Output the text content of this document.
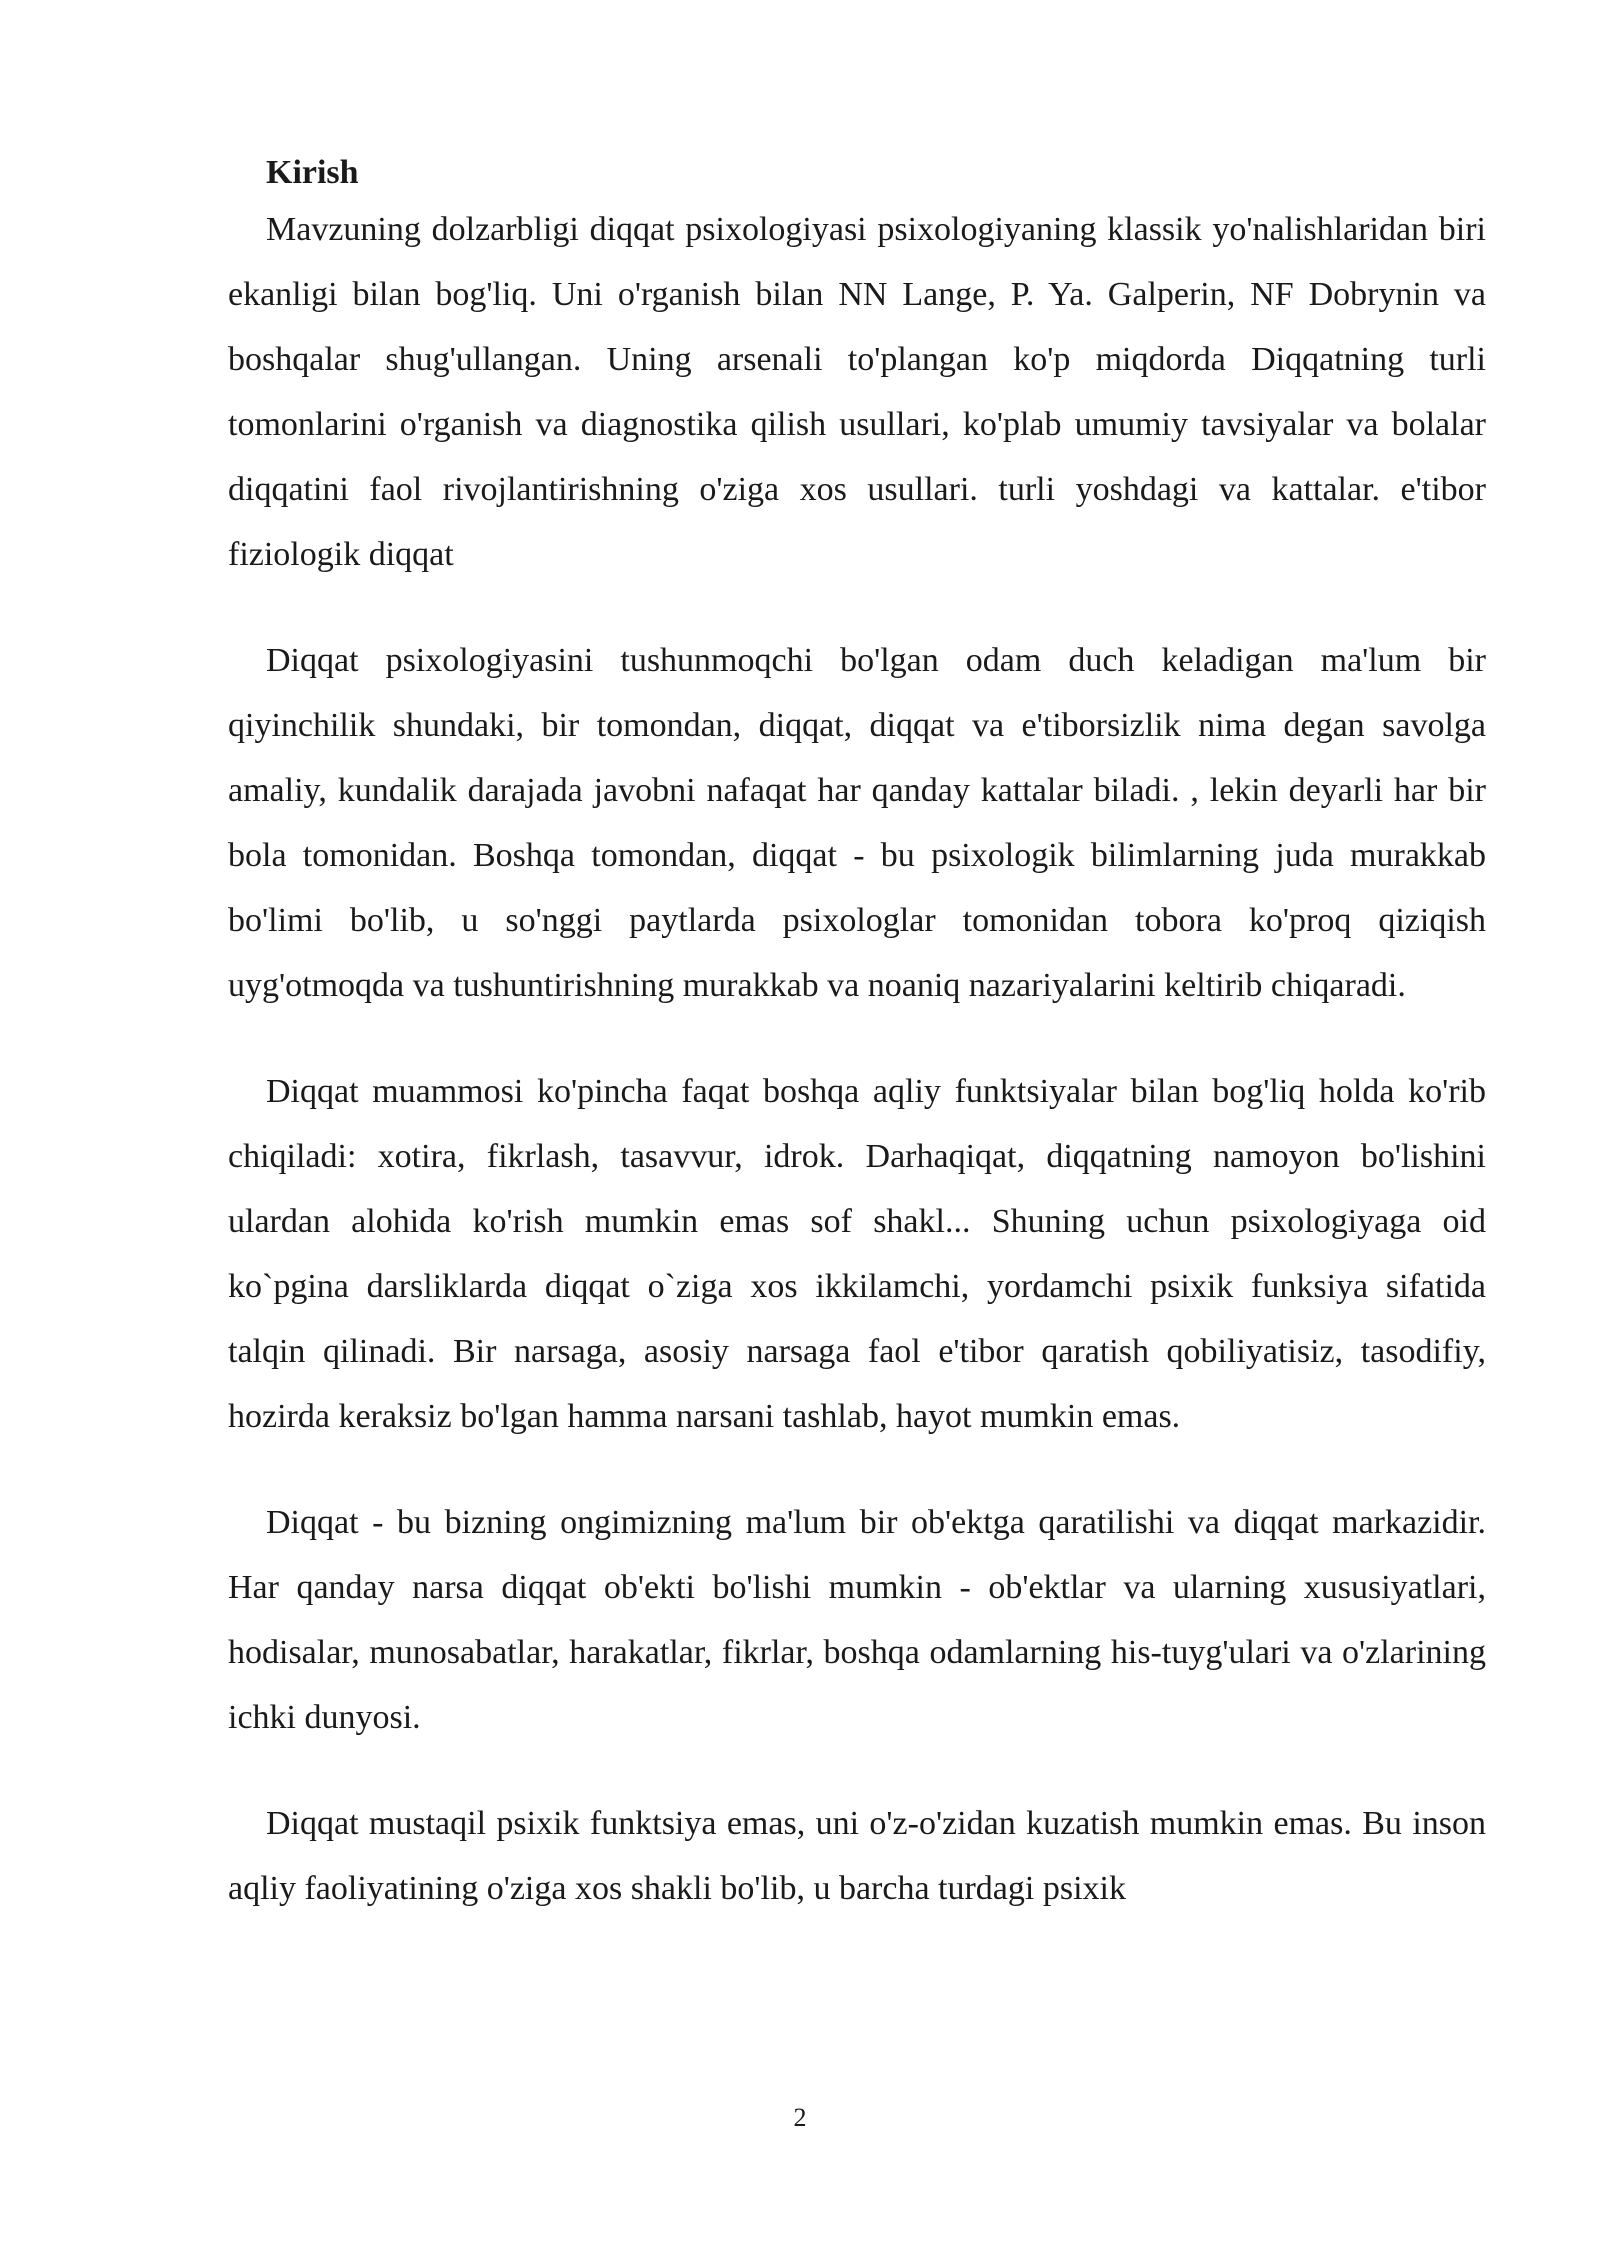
Kirish

Mavzuning dolzarbligi diqqat psixologiyasi psixologiyaning klassik yo'nalishlaridan biri ekanligi bilan bog'liq. Uni o'rganish bilan NN Lange, P. Ya. Galperin, NF Dobrynin va boshqalar shug'ullangan. Uning arsenali to'plangan ko'p miqdorda Diqqatning turli tomonlarini o'rganish va diagnostika qilish usullari, ko'plab umumiy tavsiyalar va bolalar diqqatini faol rivojlantirishning o'ziga xos usullari. turli yoshdagi va kattalar. e'tibor fiziologik diqqat

Diqqat psixologiyasini tushunmoqchi bo'lgan odam duch keladigan ma'lum bir qiyinchilik shundaki, bir tomondan, diqqat, diqqat va e'tiborsizlik nima degan savolga amaliy, kundalik darajada javobni nafaqat har qanday kattalar biladi. , lekin deyarli har bir bola tomonidan. Boshqa tomondan, diqqat - bu psixologik bilimlarning juda murakkab bo'limi bo'lib, u so'nggi paytlarda psixologlar tomonidan tobora ko'proq qiziqish uyg'otmoqda va tushuntirishning murakkab va noaniq nazariyalarini keltirib chiqaradi.

Diqqat muammosi ko'pincha faqat boshqa aqliy funktsiyalar bilan bog'liq holda ko'rib chiqiladi: xotira, fikrlash, tasavvur, idrok. Darhaqiqat, diqqatning namoyon bo'lishini ulardan alohida ko'rish mumkin emas sof shakl... Shuning uchun psixologiyaga oid ko`pgina darsliklarda diqqat o`ziga xos ikkilamchi, yordamchi psixik funksiya sifatida talqin qilinadi. Bir narsaga, asosiy narsaga faol e'tibor qaratish qobiliyatisiz, tasodifiy, hozirda keraksiz bo'lgan hamma narsani tashlab, hayot mumkin emas.

Diqqat - bu bizning ongimizning ma'lum bir ob'ektga qaratilishi va diqqat markazidir. Har qanday narsa diqqat ob'ekti bo'lishi mumkin - ob'ektlar va ularning xususiyatlari, hodisalar, munosabatlar, harakatlar, fikrlar, boshqa odamlarning his-tuyg'ulari va o'zlarining ichki dunyosi.

Diqqat mustaqil psixik funktsiya emas, uni o'z-o'zidan kuzatish mumkin emas. Bu inson aqliy faoliyatining o'ziga xos shakli bo'lib, u barcha turdagi psixik

2
